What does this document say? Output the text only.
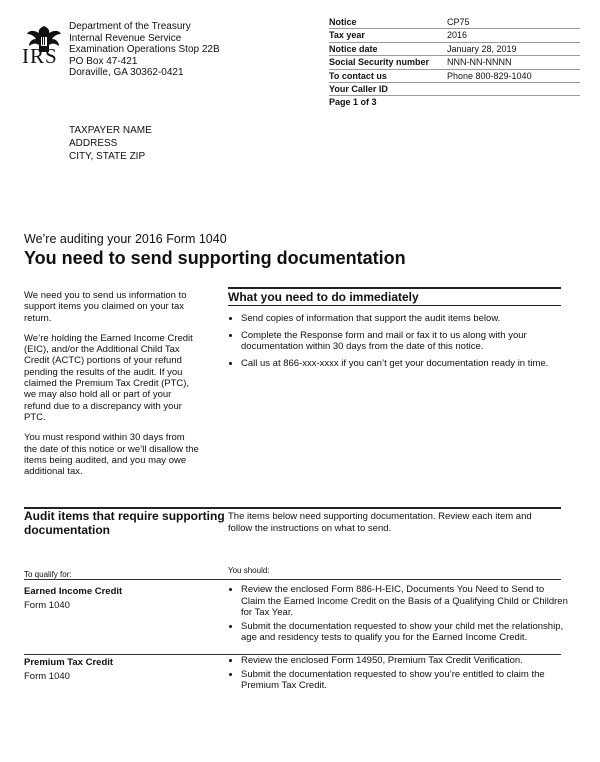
IRS
Department of the Treasury
Internal Revenue Service
Examination Operations Stop 22B
PO Box 47-421
Doraville, GA 30362-0421
Notice	CP75
Tax year	2016
Notice date	January 28, 2019
Social Security number	NNN-NN-NNNN
To contact us	Phone 800-829-1040
Your Caller ID
Page 1 of 3
TAXPAYER NAME
ADDRESS
CITY, STATE ZIP
We’re auditing your 2016 Form 1040
You need to send supporting documentation

We need you to send us information to support items you claimed on your tax return.

We’re holding the Earned Income Credit (EIC), and/or the Additional Child Tax Credit (ACTC) portions of your refund pending the results of the audit. If you claimed the Premium Tax Credit (PTC), we may also hold all or part of your refund due to a discrepancy with your PTC.

You must respond within 30 days from the date of this notice or we’ll disallow the items being audited, and you may owe additional tax.

What you need to do immediately
• Send copies of information that support the audit items below.
• Complete the Response form and mail or fax it to us along with your documentation within 30 days from the date of this notice.
• Call us at 866-xxx-xxxx if you can’t get your documentation ready in time.
Audit items that require supporting documentation
The items below need supporting documentation. Review each item and follow the instructions on what to send.
To qualify for:	You should:
Earned Income Credit
Form 1040
• Review the enclosed Form 886-H-EIC, Documents You Need to Send to Claim the Earned Income Credit on the Basis of a Qualifying Child or Children for Tax Year.
• Submit the documentation requested to show your child met the relationship, age and residency tests to qualify you for the Earned Income Credit.
Premium Tax Credit
Form 1040
• Review the enclosed Form 14950, Premium Tax Credit Verification.
• Submit the documentation requested to show you’re entitled to claim the Premium Tax Credit.
